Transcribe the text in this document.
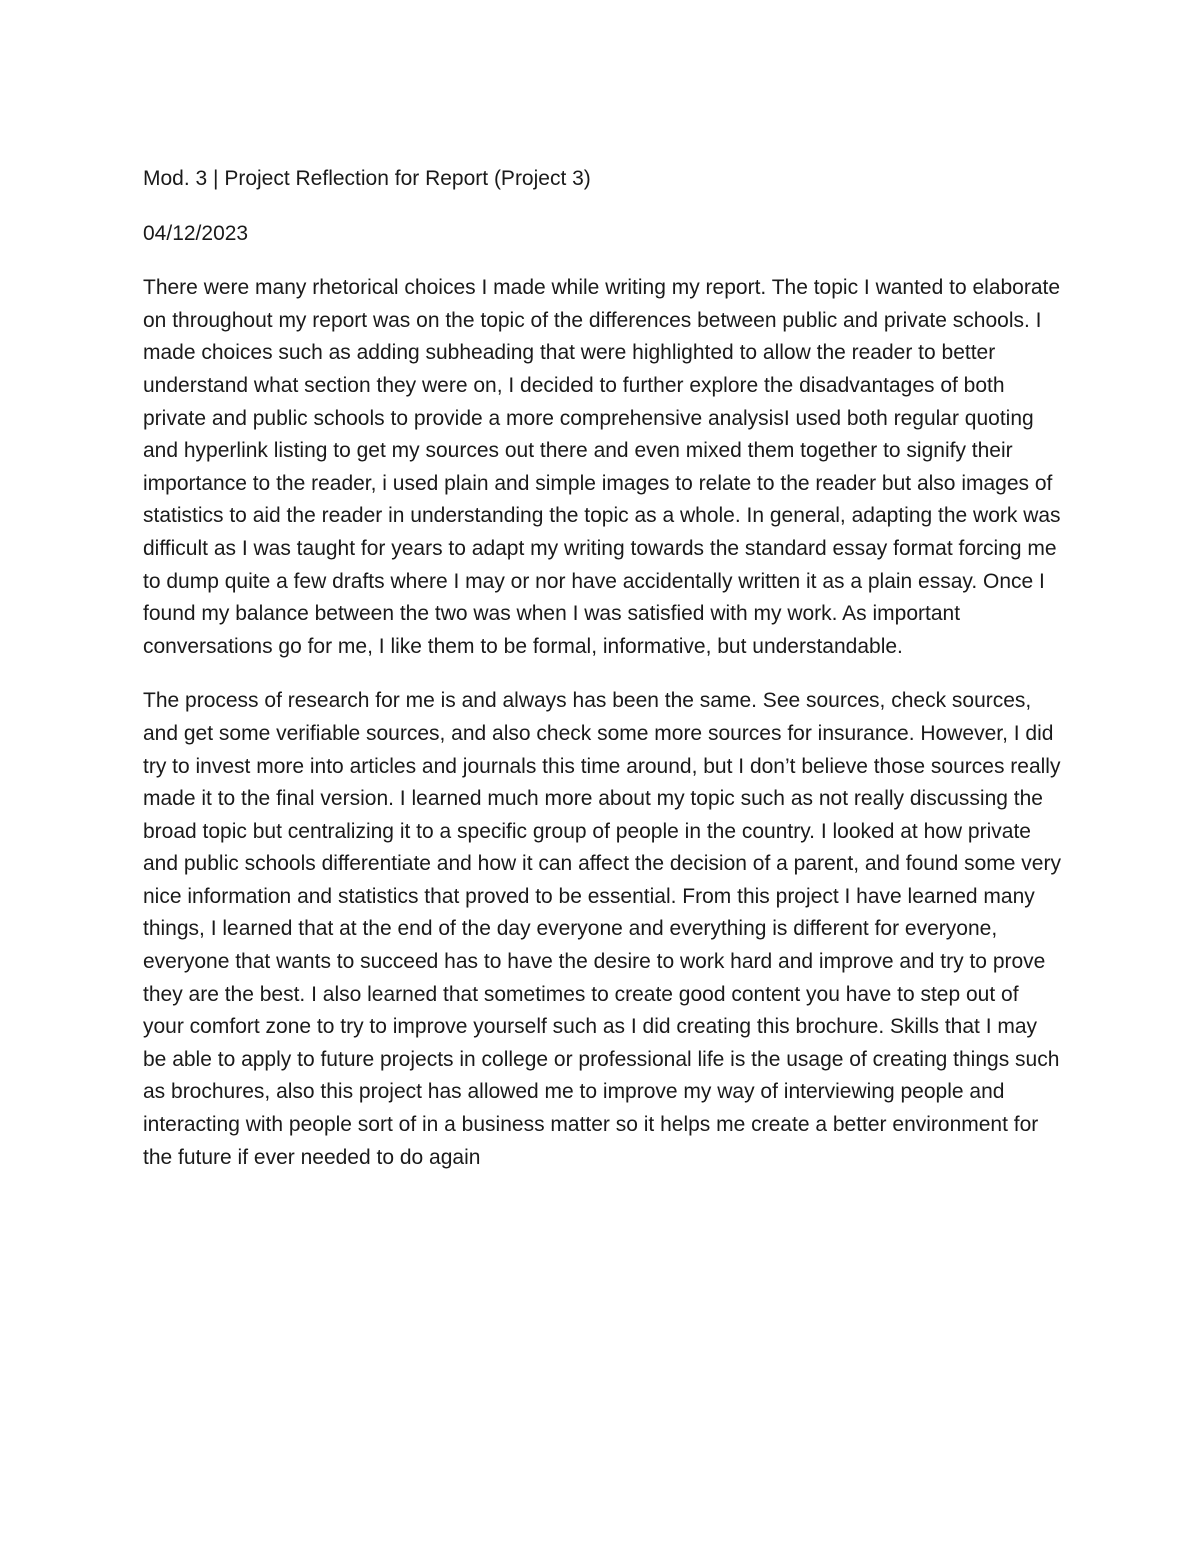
Mod. 3 | Project Reflection for Report (Project 3)

04/12/2023

There were many rhetorical choices I made while writing my report. The topic I wanted to elaborate on throughout my report was on the topic of the differences between public and private schools. I made choices such as adding subheading that were highlighted to allow the reader to better understand what section they were on, I decided to further explore the disadvantages of both private and public schools to provide a more comprehensive analysisI used both regular quoting and hyperlink listing to get my sources out there and even mixed them together to signify their importance to the reader, i used plain and simple images to relate to the reader but also images of statistics to aid the reader in understanding the topic as a whole. In general, adapting the work was difficult as I was taught for years to adapt my writing towards the standard essay format forcing me to dump quite a few drafts where I may or nor have accidentally written it as a plain essay. Once I found my balance between the two was when I was satisfied with my work. As important conversations go for me, I like them to be formal, informative, but understandable.

The process of research for me is and always has been the same. See sources, check sources, and get some verifiable sources, and also check some more sources for insurance. However, I did try to invest more into articles and journals this time around, but I don’t believe those sources really made it to the final version. I learned much more about my topic such as not really discussing the broad topic but centralizing it to a specific group of people in the country. I looked at how private and public schools differentiate and how it can affect the decision of a parent, and found some very nice information and statistics that proved to be essential. From this project I have learned many things, I learned that at the end of the day everyone and everything is different for everyone, everyone that wants to succeed has to have the desire to work hard and improve and try to prove they are the best. I also learned that sometimes to create good content you have to step out of your comfort zone to try to improve yourself such as I did creating this brochure. Skills that I may be able to apply to future projects in college or professional life is the usage of creating things such as brochures, also this project has allowed me to improve my way of interviewing people and interacting with people sort of in a business matter so it helps me create a better environment for the future if ever needed to do again
